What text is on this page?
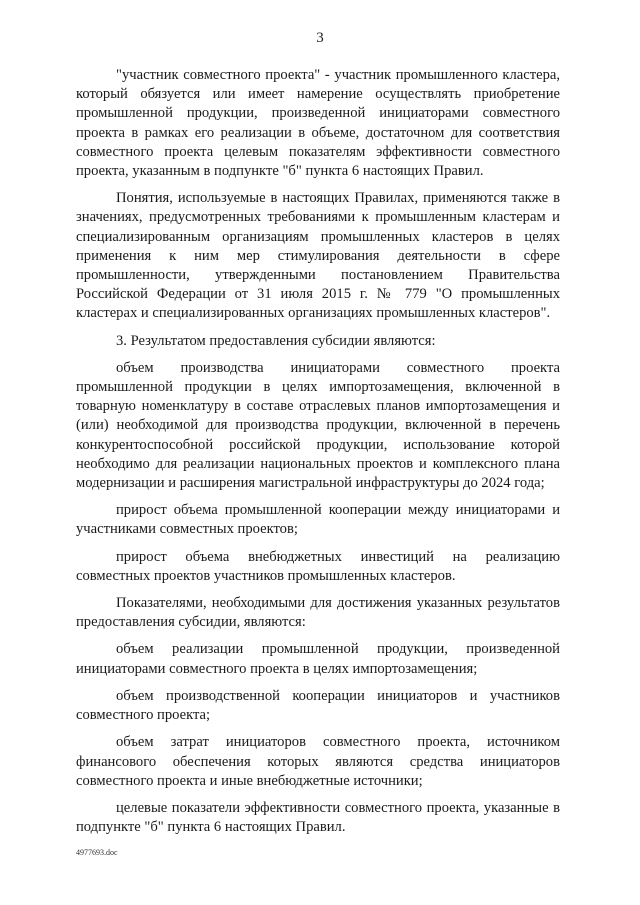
3

"участник совместного проекта" - участник промышленного кластера, который обязуется или имеет намерение осуществлять приобретение промышленной продукции, произведенной инициаторами совместного проекта в рамках его реализации в объеме, достаточном для соответствия совместного проекта целевым показателям эффективности совместного проекта, указанным в подпункте "б" пункта 6 настоящих Правил.

Понятия, используемые в настоящих Правилах, применяются также в значениях, предусмотренных требованиями к промышленным кластерам и специализированным организациям промышленных кластеров в целях применения к ним мер стимулирования деятельности в сфере промышленности, утвержденными постановлением Правительства Российской Федерации от 31 июля 2015 г. № 779 "О промышленных кластерах и специализированных организациях промышленных кластеров".

3. Результатом предоставления субсидии являются:

объем производства инициаторами совместного проекта промышленной продукции в целях импортозамещения, включенной в товарную номенклатуру в составе отраслевых планов импортозамещения и (или) необходимой для производства продукции, включенной в перечень конкурентоспособной российской продукции, использование которой необходимо для реализации национальных проектов и комплексного плана модернизации и расширения магистральной инфраструктуры до 2024 года;

прирост объема промышленной кооперации между инициаторами и участниками совместных проектов;

прирост объема внебюджетных инвестиций на реализацию совместных проектов участников промышленных кластеров.

Показателями, необходимыми для достижения указанных результатов предоставления субсидии, являются:

объем реализации промышленной продукции, произведенной инициаторами совместного проекта в целях импортозамещения;

объем производственной кооперации инициаторов и участников совместного проекта;

объем затрат инициаторов совместного проекта, источником финансового обеспечения которых являются средства инициаторов совместного проекта и иные внебюджетные источники;

целевые показатели эффективности совместного проекта, указанные в подпункте "б" пункта 6 настоящих Правил.

4977693.doc
